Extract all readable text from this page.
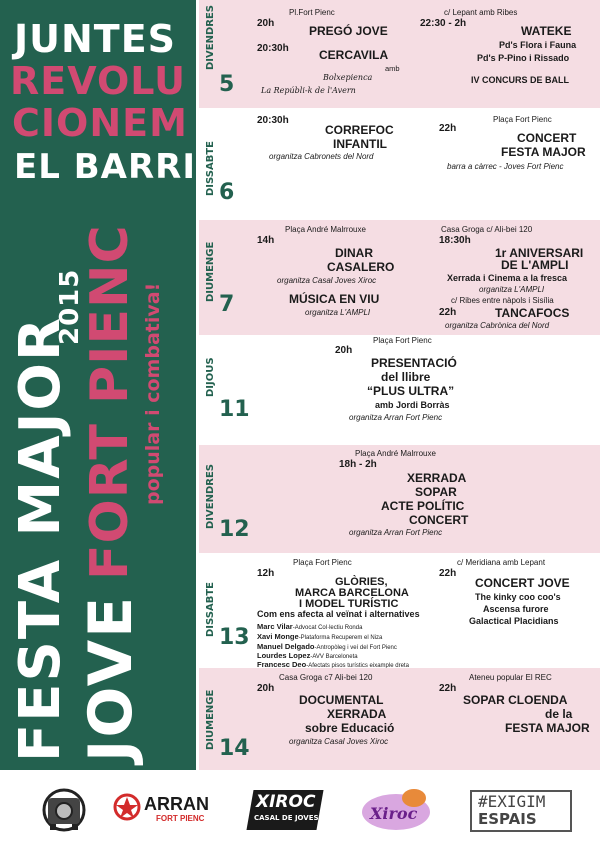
JUNTES
REVOLU
CIONEM
EL BARRI
FESTA MAJOR
2015
JOVE
FORT PIENC popular i combativa!
DIVENDRES
5
Pl.Fort Pienc
20h
PREGÓ JOVE
20:30h	CERCAVILA
amb
Bolxepienca
La Repúbli-k de l'Avern
c/ Lepant amb Ribes
22:30 - 2h
WATEKE
Pd's Flora i Fauna
Pd's P-Pino i Rissado
IV CONCURS DE BALL
DISSABTE 6
20:30h
CORREFOC
INFANTIL
organitza Cabronets del Nord
Plaça Fort Pienc
22h
CONCERT
FESTA MAJOR
barra a càrrec - Joves Fort Pienc
DIUMENGE
7
Plaça André Malrrouxe
14h
DINAR
CASALERO
organitza Casal Joves Xiroc
MÚSICA EN VIU
organitza L'AMPLI
Casa Groga c/ Ali-bei 120
18:30h
1r ANIVERSARI
DE L'AMPLI
Xerrada i Cinema a la fresca
organitza L'AMPLI
c/ Ribes entre nàpols i Sisília
22h	TANCAFOCS
organitza Cabrònica del Nord
DIJOUS
11
Plaça Fort Pienc
20h
PRESENTACIÓ
del llibre
“PLUS ULTRA”
amb Jordi Borràs
organitza Arran Fort Pienc
DIVENDRES
12
Plaça André Malrrouxe
18h - 2h
XERRADA
SOPAR
ACTE POLÍTIC
CONCERT
organitza Arran Fort Pienc
DISSABTE
13
Plaça Fort Pienc
12h
GLÒRIES,
MARCA BARCELONA
I MODEL TURÍSTIC
Com ens afecta al veïnat i alternatives
Marc Vilar-Advocat Col·lectiu Ronda
Xavi Monge-Plataforma Recuperem el Niza
Manuel Delgado-Antropòleg i veí del Fort Pienc
Lourdes Lopez-AVV Barceloneta
Francesc Deo-Afectats pisos turístics eixample dreta
c/ Meridiana amb Lepant
22h
CONCERT JOVE
The kinky coo coo's
Ascensa furore
Galactical Placidians
DIUMENGE 14
Casa Groga c7 Ali-bei 120
20h
DOCUMENTAL
XERRADA
sobre Educació
organitza Casal Joves Xiroc
Ateneu popular El REC
22h
SOPAR CLOENDA
de la
FESTA MAJOR
ARRAN
FORT PIENC
XIROC
CASAL DE JOVES	Xiroc
#EXIGIM
ESPAIS
